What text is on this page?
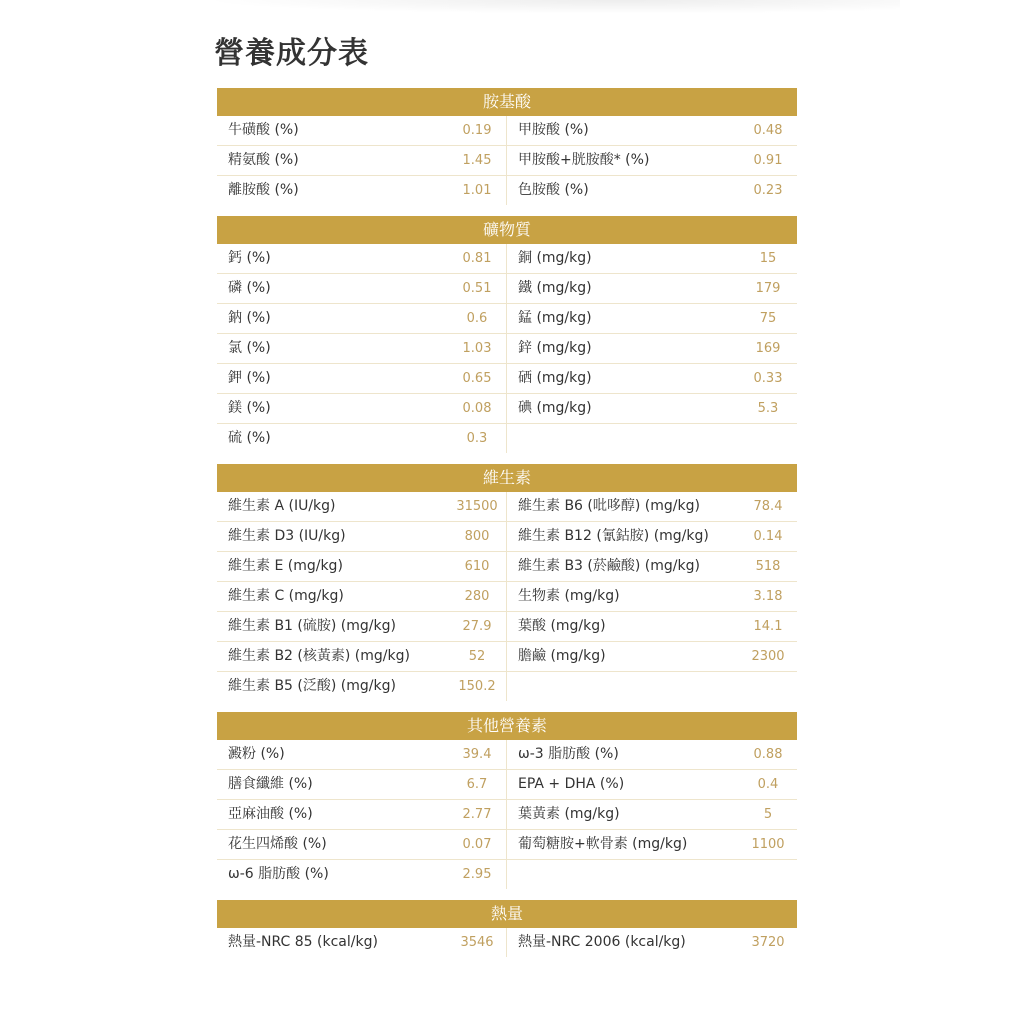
營養成分表
胺基酸
牛磺酸 (%)	0.19	甲胺酸 (%)	0.48
精氨酸 (%)	1.45	甲胺酸+胱胺酸* (%)	0.91
離胺酸 (%)	1.01	色胺酸 (%)	0.23
礦物質
鈣 (%)	0.81	銅 (mg/kg)	15
磷 (%)	0.51	鐵 (mg/kg)	179
鈉 (%)	0.6	錳 (mg/kg)	75
氯 (%)	1.03	鋅 (mg/kg)	169
鉀 (%)	0.65	硒 (mg/kg)	0.33
鎂 (%)	0.08	碘 (mg/kg)	5.3
硫 (%)	0.3
維生素
維生素 A (IU/kg)	31500	維生素 B6 (吡哆醇) (mg/kg)	78.4
維生素 D3 (IU/kg)	800	維生素 B12 (氰鈷胺) (mg/kg)	0.14
維生素 E (mg/kg)	610	維生素 B3 (菸鹼酸) (mg/kg)	518
維生素 C (mg/kg)	280	生物素 (mg/kg)	3.18
維生素 B1 (硫胺) (mg/kg)	27.9	葉酸 (mg/kg)	14.1
維生素 B2 (核黃素) (mg/kg)	52	膽鹼 (mg/kg)	2300
維生素 B5 (泛酸) (mg/kg)	150.2
其他營養素
澱粉 (%)	39.4	ω-3 脂肪酸 (%)	0.88
膳食纖維 (%)	6.7	EPA + DHA (%)	0.4
亞麻油酸 (%)	2.77	葉黃素 (mg/kg)	5
花生四烯酸 (%)	0.07	葡萄糖胺+軟骨素 (mg/kg)	1100
ω-6 脂肪酸 (%)	2.95
熱量
熱量-NRC 85 (kcal/kg)	3546	熱量-NRC 2006 (kcal/kg)	3720
